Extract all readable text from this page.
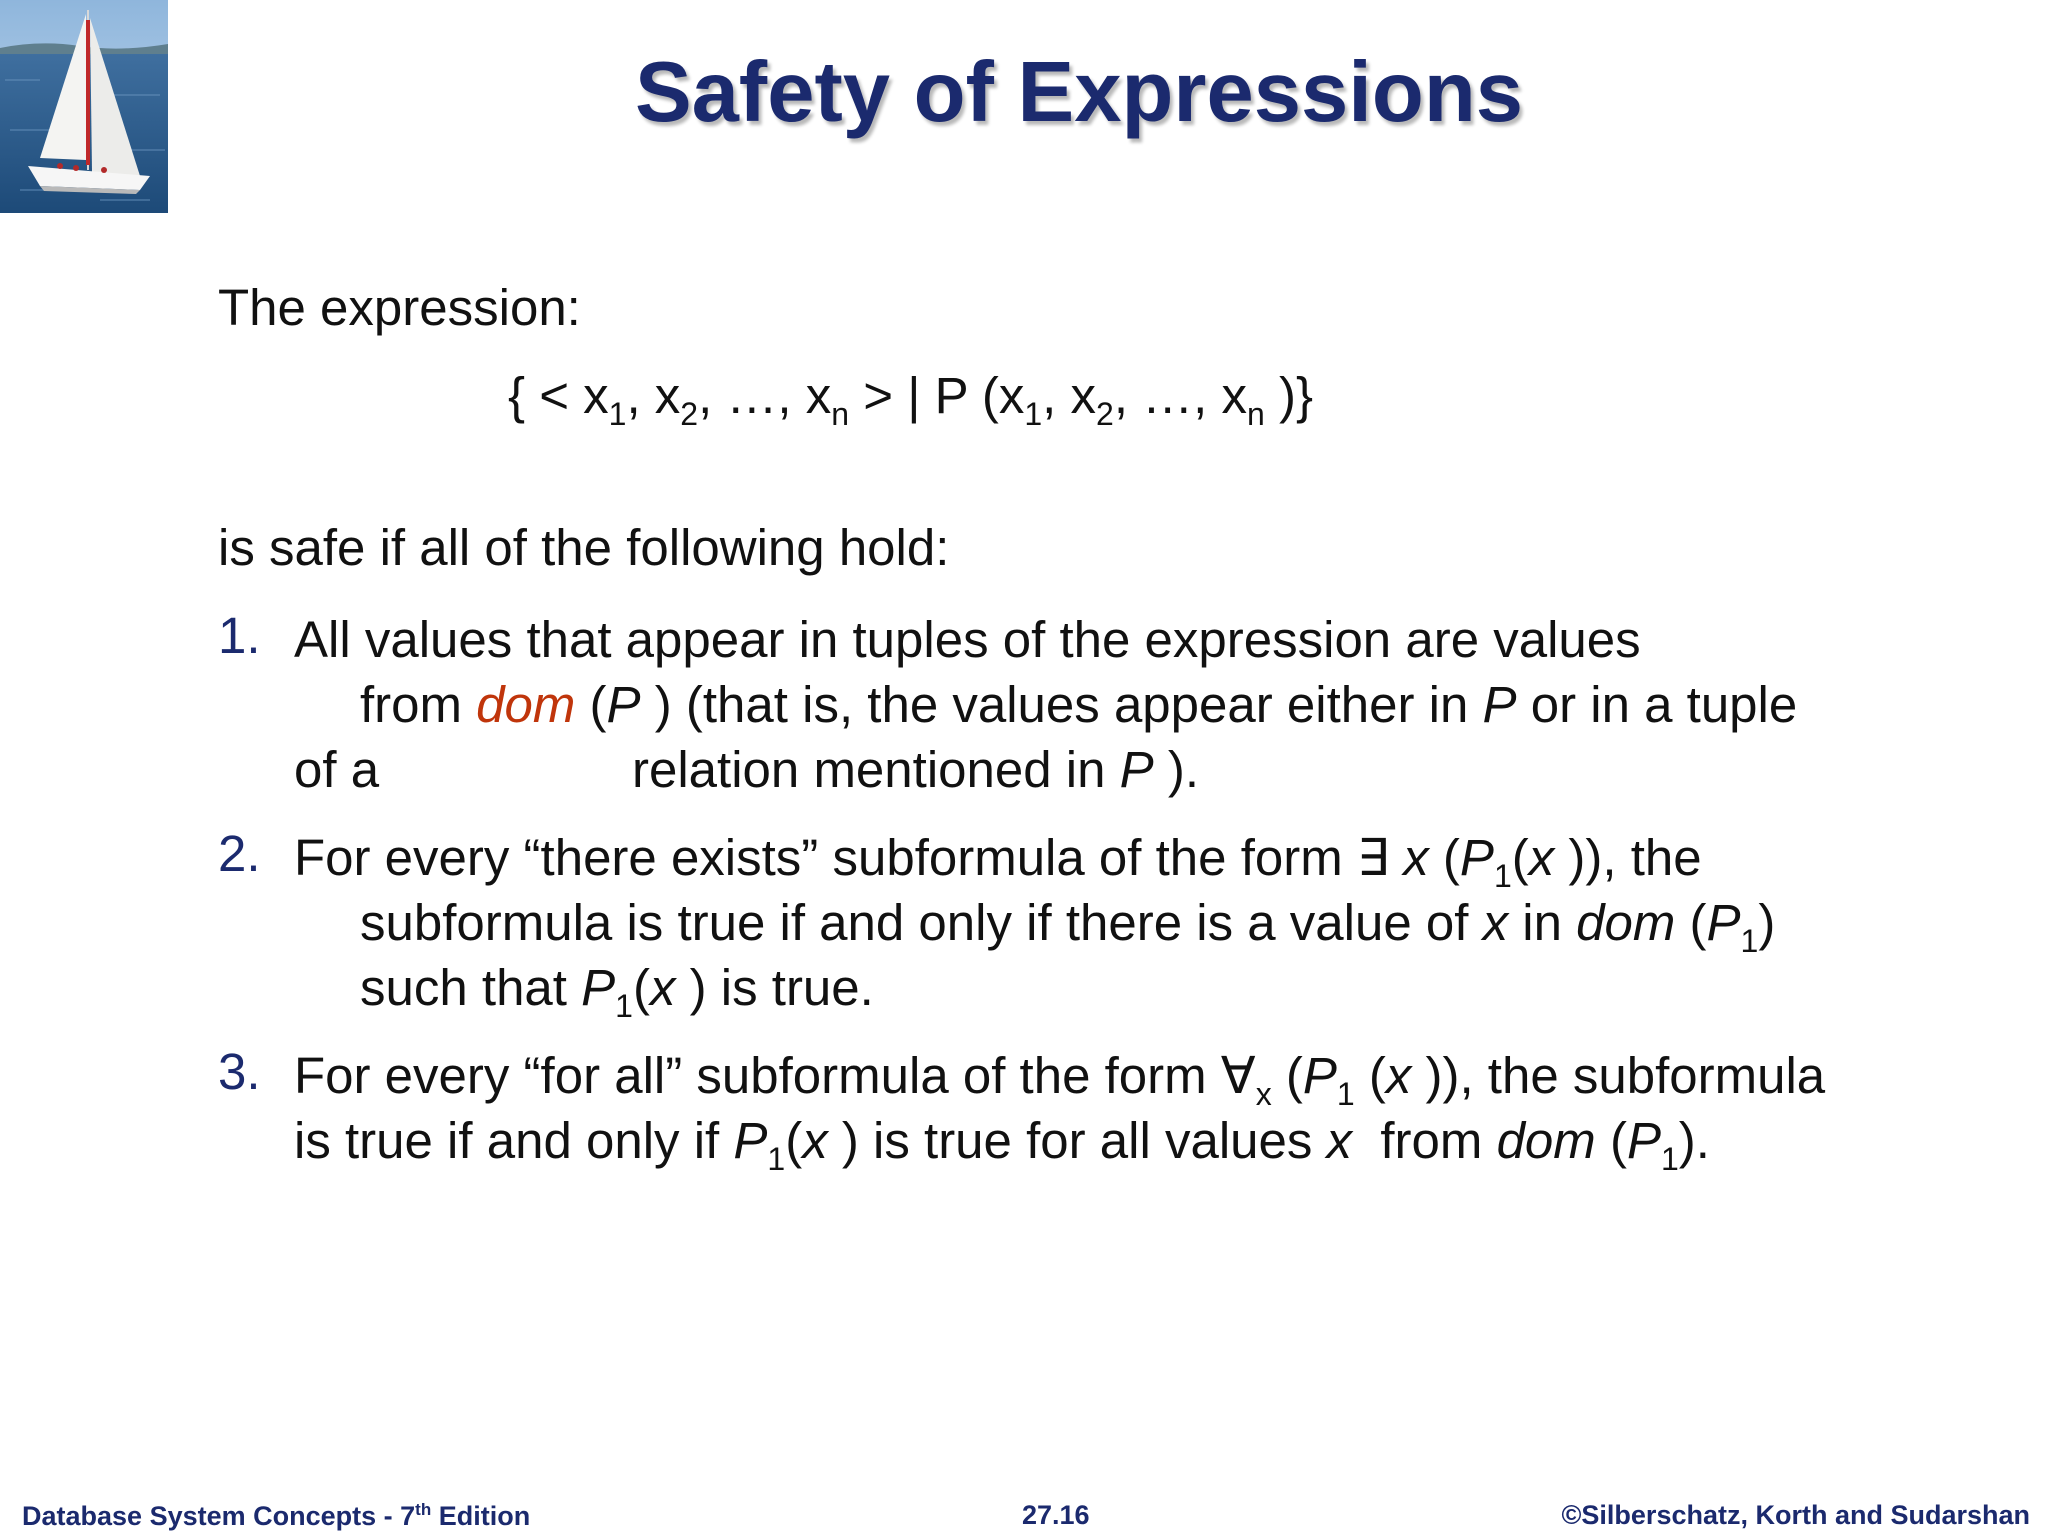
Safety of Expressions
The expression:
{ < $x_1$, $x_2$, …, $x_n$ > | P ($x_1$, $x_2$, …, $x_n$ )}
is safe if all of the following hold:
1. All values that appear in tuples of the expression are values
from dom (P ) (that is, the values appear either in P or in a tuple
of a	relation mentioned in P ).
2. For every “there exists” subformula of the form ∃ x ($P_1(x$ )), the
subformula is true if and only if there is a value of x in dom $(P_1)$
such that $P_1(x$ ) is true.
3. For every “for all” subformula of the form $\forall_x$ ($P_1$ (x )), the subformula
is true if and only if $P_1(x$ ) is true for all values x  from dom $(P_1)$.
Database System Concepts - 7th Edition	27.16	©Silberschatz, Korth and Sudarshan
